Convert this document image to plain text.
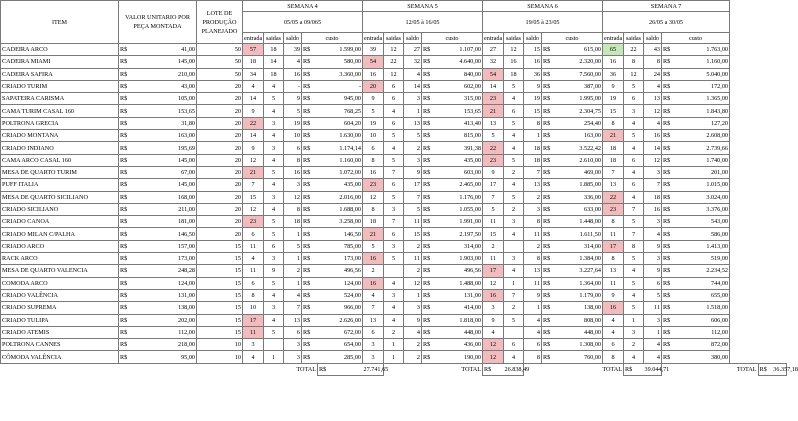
ITEM	VALOR UNITARIO POR PEÇA MONTADA		LOTE DE PRODUÇÃO PLANEJADO	SEMANA 4					SEMANA 5					SEMANA 6					SEMANA 7							
				05/05 a 09/065					12/05 à 16/05					19/05 à 23/05					26/05 a 30/05							
				entrada	saidas	saldo	custo		entrada	saidas	saldo	custo		entrada	saidas	saldo	custo		entrada	saidas	saldo	custo				
CADEIRA ARCO	R$	41,00	50	57	18	39	R$	1.599,00	39	12	27	R$	1.107,00	27	12	15	R$	615,00	65	22	43	R$	1.763,00			
CADEIRA MIAMI	R$	145,00	50	18	14	4	R$	580,00	54	22	32	R$	4.640,00	32	16	16	R$	2.320,00	16	8	8	R$	1.160,00			
CADEIRA SAFIRA	R$	210,00	50	34	18	16	R$	3.360,00	16	12	4	R$	840,00	54	18	36	R$	7.560,00	36	12	24	R$	5.040,00			
CRIADO TURIM	R$	43,00	20	4	4	-	R$	-	20	6	14	R$	602,00	14	5	9	R$	387,00	9	5	4	R$	172,00			
SAPATEIRA CARISMA	R$	105,00	20	14	5	9	R$	945,00	9	6	3	R$	315,00	23	4	19	R$	1.995,00	19	6	13	R$	1.365,00			
CAMA TURIM CASAL 160	R$	153,65	20	9	4	5	R$	768,25	5	4	1	R$	153,65	21	6	15	R$	2.304,75	15	3	12	R$	1.843,80			
POLTRONA GRECIA	R$	31,80	20	22	3	19	R$	604,20	19	6	13	R$	413,40	13	5	8	R$	254,40	8	4	4	R$	127,20			
CRIADO MONTANA	R$	163,00	20	14	4	10	R$	1.630,00	10	5	5	R$	815,00	5	4	1	R$	163,00	21	5	16	R$	2.608,00			
CRIADO INDIANO	R$	195,69	20	9	3	6	R$	1.174,14	6	4	2	R$	391,38	22	4	18	R$	3.522,42	18	4	14	R$	2.739,66			
CAMA ARCO CASAL 160	R$	145,00	20	12	4	8	R$	1.160,00	8	5	3	R$	435,00	23	5	18	R$	2.610,00	18	6	12	R$	1.740,00			
MESA DE QUARTO TURIM	R$	67,00	20	21	5	16	R$	1.072,00	16	7	9	R$	603,00	9	2	7	R$	469,00	7	4	3	R$	201,00			
PUFF ITALIA	R$	145,00	20	7	4	3	R$	435,00	23	6	17	R$	2.465,00	17	4	13	R$	1.885,00	13	6	7	R$	1.015,00			
MESA DE QUARTO SICILIANO	R$	168,00	20	15	3	12	R$	2.016,00	12	5	7	R$	1.176,00	7	5	2	R$	336,00	22	4	18	R$	3.024,00			
CRIADO SICILIANO	R$	211,00	20	12	4	8	R$	1.688,00	8	3	5	R$	1.055,00	5	2	3	R$	633,00	23	7	16	R$	3.376,00			
CRIADO CANOA	R$	181,00	20	23	5	18	R$	3.258,00	18	7	11	R$	1.991,00	11	3	8	R$	1.448,00	8	5	3	R$	543,00			
CRIADO MILAN C/PALHA	R$	146,50	20	6	5	1	R$	146,50	21	6	15	R$	2.197,50	15	4	11	R$	1.611,50	11	7	4	R$	586,00			
CRIADO ARCO	R$	157,00	15	11	6	5	R$	785,00	5	3	2	R$	314,00	2		2	R$	314,00	17	8	9	R$	1.413,00			
RACK ARCO	R$	173,00	15	4	3	1	R$	173,00	16	5	11	R$	1.903,00	11	3	8	R$	1.384,00	8	5	3	R$	519,00			
MESA DE QUARTO VALENCIA	R$	248,28	15	11	9	2	R$	496,56	2		2	R$	496,56	17	4	13	R$	3.227,64	13	4	9	R$	2.234,52			
COMODA ARCO	R$	124,00	15	6	5	1	R$	124,00	16	4	12	R$	1.488,00	12	1	11	R$	1.364,00	11	5	6	R$	744,00			
CRIADO VALÊNCIA	R$	131,00	15	8	4	4	R$	524,00	4	3	1	R$	131,00	16	7	9	R$	1.179,00	9	4	5	R$	655,00			
CRIADO SUPREMA	R$	138,00	15	10	3	7	R$	966,00	7	4	3	R$	414,00	3	2	1	R$	138,00	16	5	11	R$	1.518,00			
CRIADO TULIPA	R$	202,00	15	17	4	13	R$	2.626,00	13	4	9	R$	1.818,00	9	5	4	R$	808,00	4	1	3	R$	606,00			
CRIADO ATEMIS	R$	112,00	15	11	5	6	R$	672,00	6	2	4	R$	448,00	4		4	R$	448,00	4	3	1	R$	112,00			
POLTRONA CANNES	R$	218,00	10	3		3	R$	654,00	3	1	2	R$	436,00	12	6	6	R$	1.308,00	6	2	4	R$	872,00			
CÔMODA VALÊNCIA	R$	95,00	10	4	1	3	R$	285,00	3	1	2	R$	190,00	12	4	8	R$	760,00	8	4	4	R$	380,00			
						TOTAL		R$	27.741,65			TOTAL		R$	26.838,49			TOTAL		R$	39.044,71			TOTAL	R$	36.357,18
